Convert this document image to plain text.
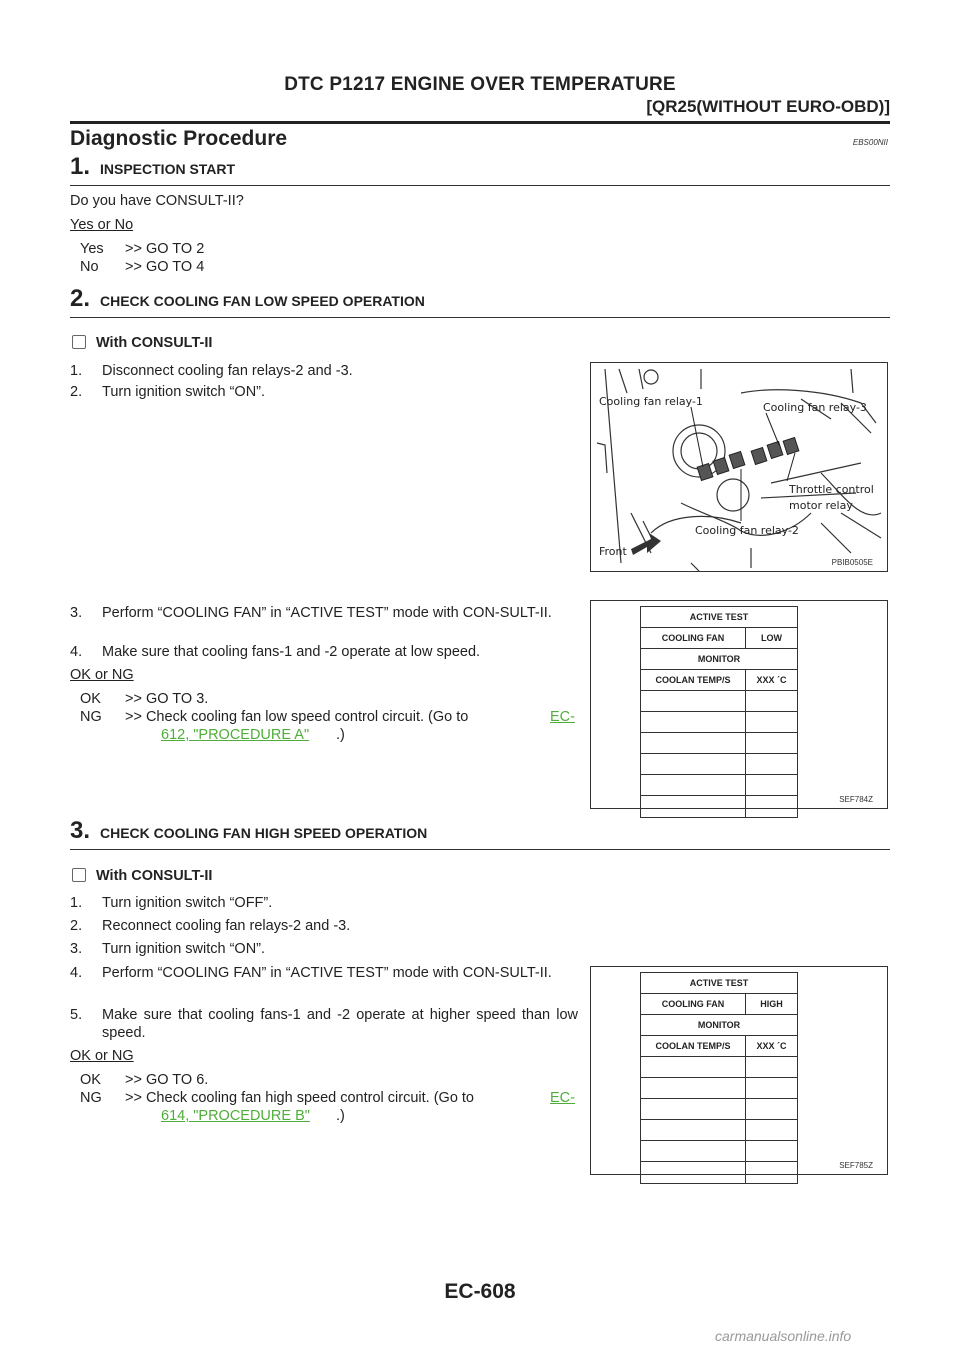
DTC P1217 ENGINE OVER TEMPERATURE
[QR25(WITHOUT EURO-OBD)]
Diagnostic Procedure	EBS00NII
1. INSPECTION START
Do you have CONSULT-II?
Yes or No
Yes >> GO TO 2
No >> GO TO 4
2. CHECK COOLING FAN LOW SPEED OPERATION
With CONSULT-II
1. Disconnect cooling fan relays-2 and -3.
2. Turn ignition switch “ON”.
Cooling fan relay-1	Cooling fan relay-3
Throttle control
motor relay
Cooling fan relay-2
Front
PBIB0505E
3. Perform “COOLING FAN” in “ACTIVE TEST” mode with CON-SULT-II.
4. Make sure that cooling fans-1 and -2 operate at low speed.
OK or NG
OK >> GO TO 3.
NG >> Check cooling fan low speed control circuit. (Go to	EC-
612, "PROCEDURE A" .)
ACTIVE TEST
COOLING FAN	LOW
MONITOR
COOLAN TEMP/S	XXX ´C
SEF784Z
3. CHECK COOLING FAN HIGH SPEED OPERATION
With CONSULT-II
1. Turn ignition switch “OFF”.
2. Reconnect cooling fan relays-2 and -3.
3. Turn ignition switch “ON”.
4. Perform “COOLING FAN” in “ACTIVE TEST” mode with CON-SULT-II.
5. Make sure that cooling fans-1 and -2 operate at higher speed than low speed.
OK or NG
OK >> GO TO 6.
NG >> Check cooling fan high speed control circuit. (Go to	EC-
614, "PROCEDURE B" .)
ACTIVE TEST
COOLING FAN	HIGH
MONITOR
COOLAN TEMP/S	XXX ´C
SEF785Z
EC-608
carmanualsonline.info
